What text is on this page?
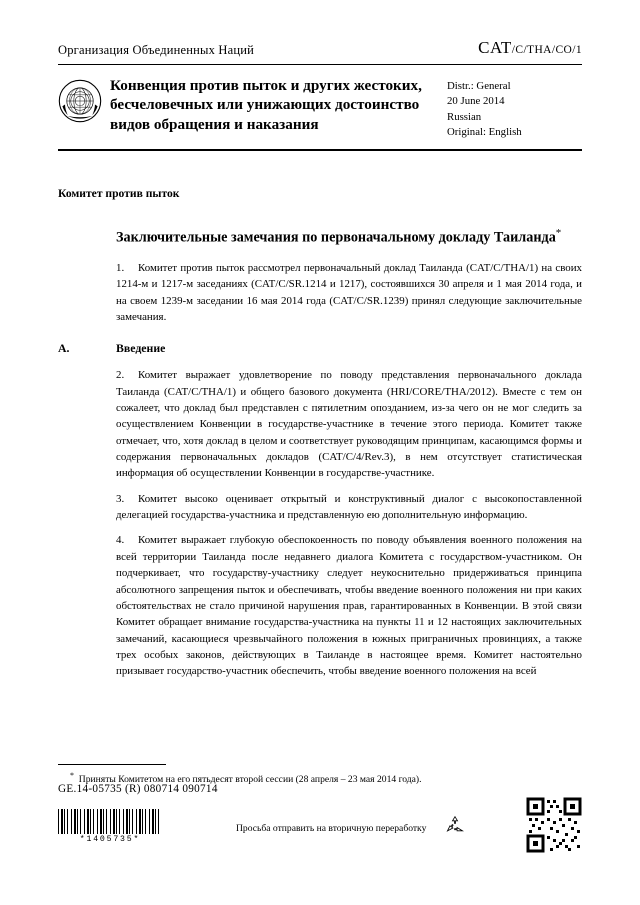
Организация Объединенных Наций	CAT/C/THA/CO/1
Конвенция против пыток и других жестоких, бесчеловечных или унижающих достоинство видов обращения и наказания
Distr.: General
20 June 2014
Russian
Original: English
Комитет против пыток
Заключительные замечания по первоначальному докладу Таиланда*

1. Комитет против пыток рассмотрел первоначальный доклад Таиланда (CAT/C/THA/1) на своих 1214-м и 1217-м заседаниях (CAT/C/SR.1214 и 1217), состоявшихся 30 апреля и 1 мая 2014 года, и на своем 1239-м заседании 16 мая 2014 года (CAT/C/SR.1239) принял следующие заключительные замечания.

A.	Введение

2. Комитет выражает удовлетворение по поводу представления первоначального доклада Таиланда (CAT/C/THA/1) и общего базового документа (HRI/CORE/THA/2012). Вместе с тем он сожалеет, что доклад был представлен с пятилетним опозданием, из-за чего он не мог следить за осуществлением Конвенции в государстве-участнике в течение этого периода. Комитет также отмечает, что, хотя доклад в целом и соответствует руководящим принципам, касающимся формы и содержания первоначальных докладов (CAT/C/4/Rev.3), в нем отсутствует статистическая информация об осуществлении Конвенции в государстве-участнике.

3. Комитет высоко оценивает открытый и конструктивный диалог с высокопоставленной делегацией государства-участника и представленную ею дополнительную информацию.

4. Комитет выражает глубокую обеспокоенность по поводу объявления военного положения на всей территории Таиланда после недавнего диалога Комитета с государством-участником. Он подчеркивает, что государству-участнику следует неукоснительно придерживаться принципа абсолютного запрещения пыток и обеспечивать, чтобы введение военного положения ни при каких обстоятельствах не стало причиной нарушения прав, гарантированных в Конвенции. В этой связи Комитет обращает внимание государства-участника на пункты 11 и 12 настоящих заключительных замечаний, касающиеся чрезвычайного положения в южных приграничных провинциях, а также трех особых законов, действующих в Таиланде в настоящее время. Комитет настоятельно призывает государство-участник обеспечить, чтобы введение военного положения на всей

* Приняты Комитетом на его пятьдесят второй сессии (28 апреля – 23 мая 2014 года).
GE.14-05735 (R) 080714 090714
*1405735*
Просьба отправить на вторичную переработку
